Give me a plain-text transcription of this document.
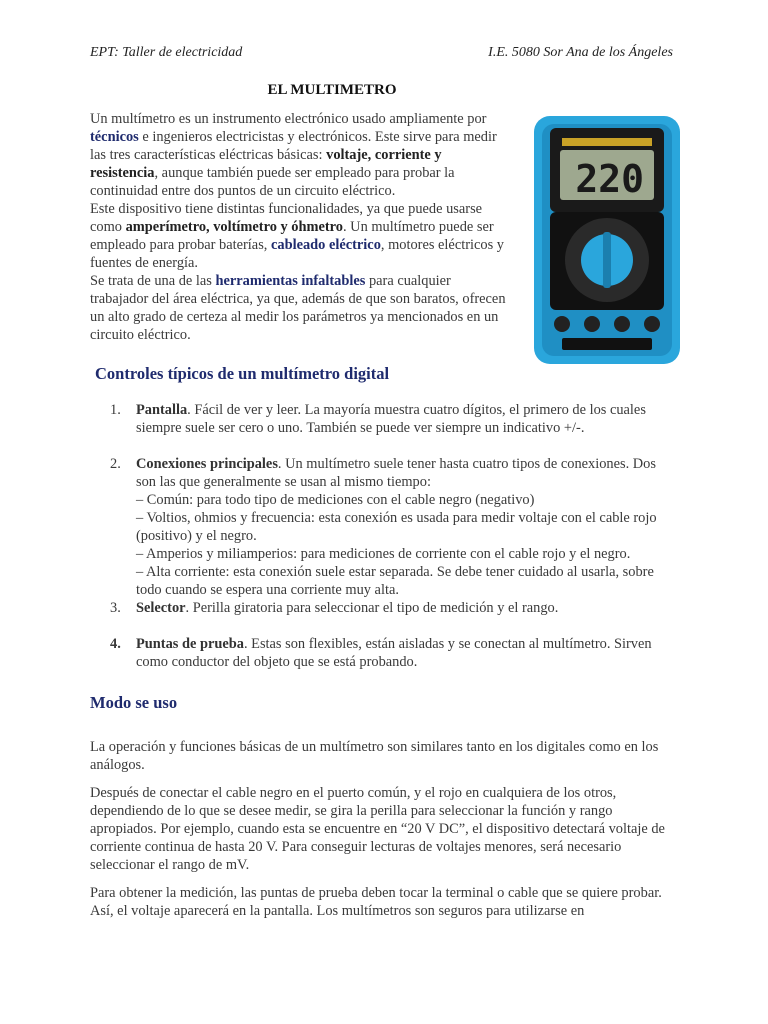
EPT: Taller de electricidad	I.E. 5080 Sor Ana de los Ángeles
EL MULTIMETRO

Un multímetro es un instrumento electrónico usado ampliamente por técnicos e ingenieros electricistas y electrónicos. Este sirve para medir las tres características eléctricas básicas: voltaje, corriente y resistencia, aunque también puede ser empleado para probar la continuidad entre dos puntos de un circuito eléctrico.

Este dispositivo tiene distintas funcionalidades, ya que puede usarse como amperímetro, voltímetro y óhmetro. Un multímetro puede ser empleado para probar baterías, cableado eléctrico, motores eléctricos y fuentes de energía.

Se trata de una de las herramientas infaltables para cualquier trabajador del área eléctrica, ya que, además de que son baratos, ofrecen un alto grado de certeza al medir los parámetros ya mencionados en un circuito eléctrico.

220
Controles típicos de un multímetro digital
1. Pantalla. Fácil de ver y leer. La mayoría muestra cuatro dígitos, el primero de los cuales siempre suele ser cero o uno. También se puede ver siempre un indicativo +/-.
2. Conexiones principales. Un multímetro suele tener hasta cuatro tipos de conexiones. Dos son las que generalmente se usan al mismo tiempo:
– Común: para todo tipo de mediciones con el cable negro (negativo)
– Voltios, ohmios y frecuencia: esta conexión es usada para medir voltaje con el cable rojo (positivo) y el negro.
– Amperios y miliamperios: para mediciones de corriente con el cable rojo y el negro.
– Alta corriente: esta conexión suele estar separada. Se debe tener cuidado al usarla, sobre todo cuando se espera una corriente muy alta.
3. Selector. Perilla giratoria para seleccionar el tipo de medición y el rango.
4. Puntas de prueba. Estas son flexibles, están aisladas y se conectan al multímetro. Sirven como conductor del objeto que se está probando.
Modo se uso

La operación y funciones básicas de un multímetro son similares tanto en los digitales como en los análogos.

Después de conectar el cable negro en el puerto común, y el rojo en cualquiera de los otros, dependiendo de lo que se desee medir, se gira la perilla para seleccionar la función y rango apropiados. Por ejemplo, cuando esta se encuentre en “20 V DC”, el dispositivo detectará voltaje de corriente continua de hasta 20 V. Para conseguir lecturas de voltajes menores, será necesario seleccionar el rango de mV.

Para obtener la medición, las puntas de prueba deben tocar la terminal o cable que se quiere probar. Así, el voltaje aparecerá en la pantalla. Los multímetros son seguros para utilizarse en
